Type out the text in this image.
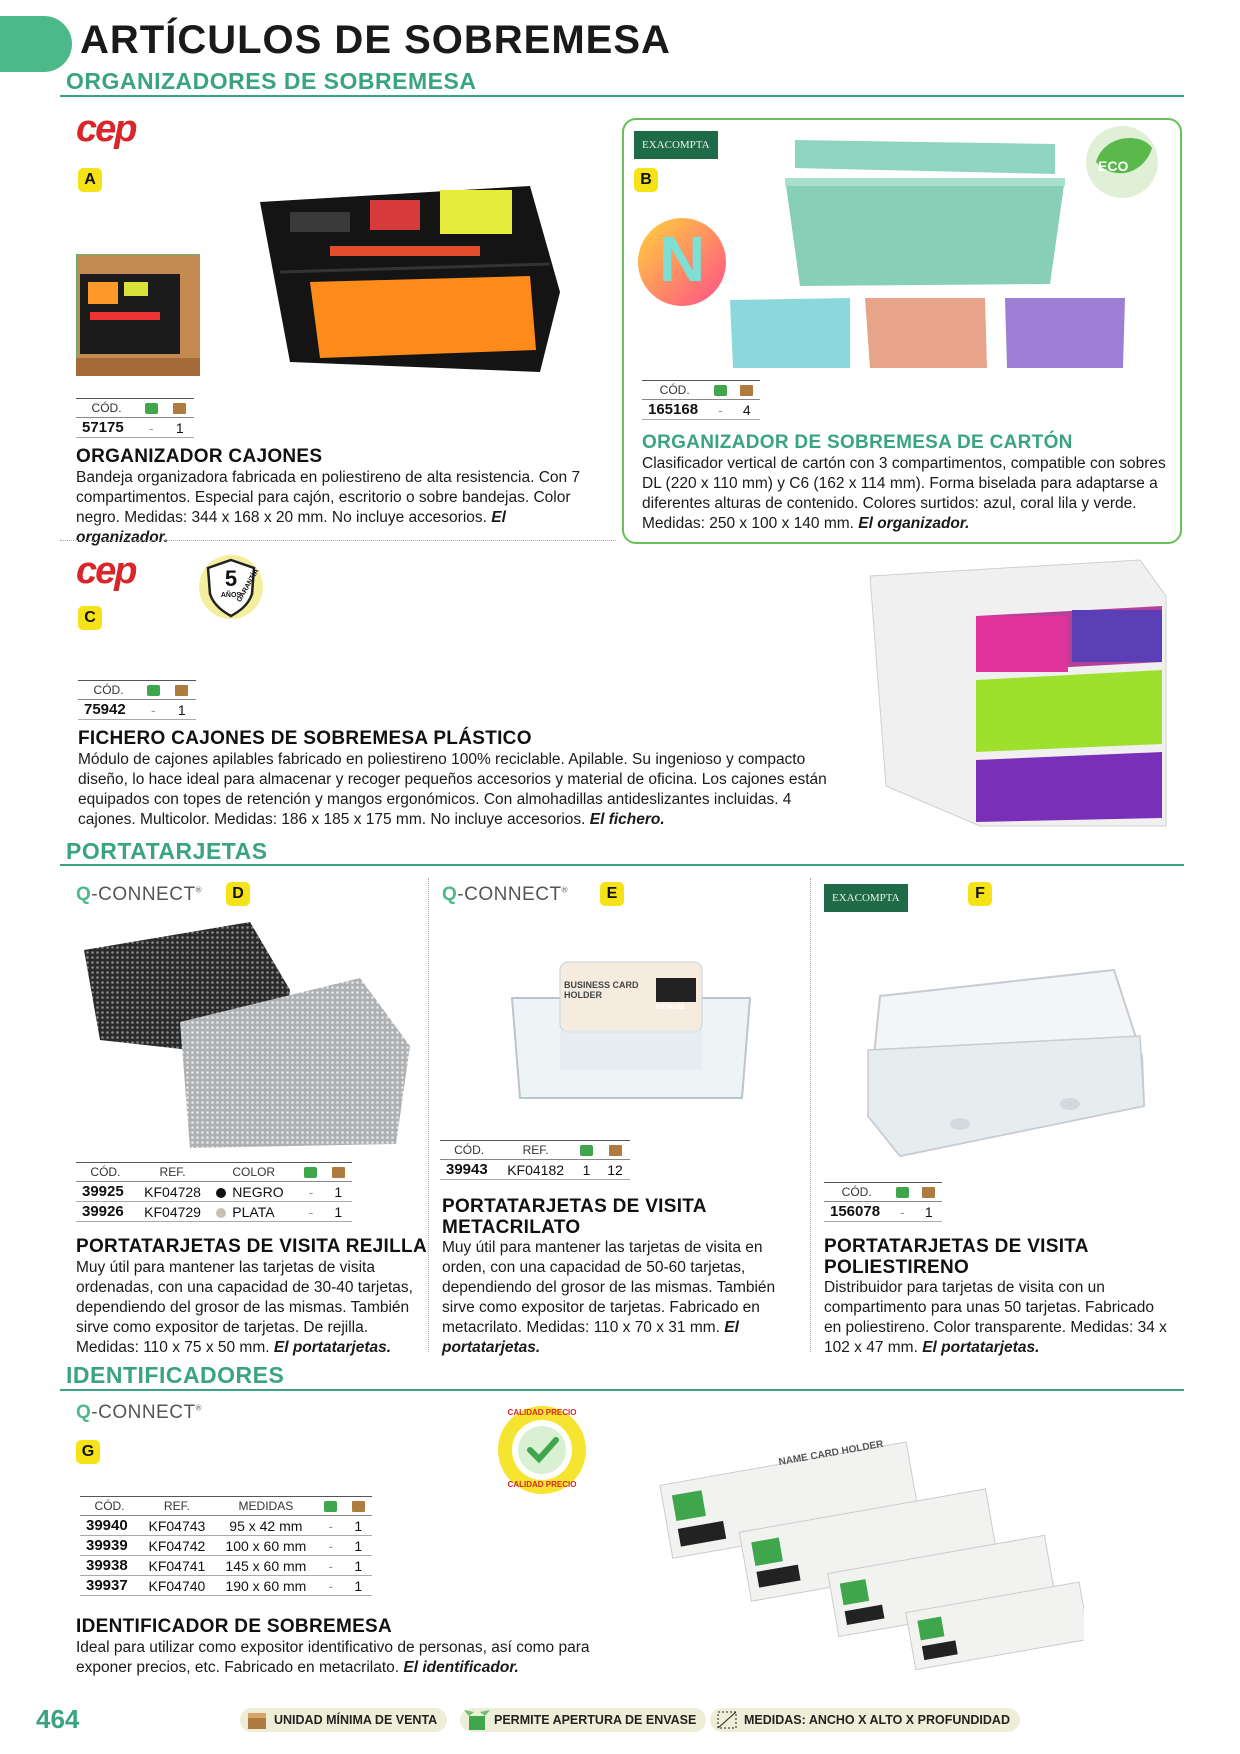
ARTÍCULOS DE SOBREMESA
ORGANIZADORES DE SOBREMESA
cep
A
CÓD.		
57175	-	1
ORGANIZADOR CAJONES
Bandeja organizadora fabricada en poliestireno de alta resistencia. Con 7 compartimentos. Especial para cajón, escritorio o sobre bandejas. Color negro. Medidas: 344 x 168 x 20 mm. No incluye accesorios. El organizador.
EXACOMPTA
B
N
ECO
CÓD.		
165168	-	4
ORGANIZADOR DE SOBREMESA DE CARTÓN
Clasificador vertical de cartón con 3 compartimentos, compatible con sobres DL (220 x 110 mm) y C6 (162 x 114 mm). Forma biselada para adaptarse a diferentes alturas de contenido. Colores surtidos: azul, coral lila y verde. Medidas: 250 x 100 x 140 mm. El organizador.
cep	5
AÑOS
GARANTÍA
C
CÓD.		
75942	-	1
FICHERO CAJONES DE SOBREMESA PLÁSTICO
Módulo de cajones apilables fabricado en poliestireno 100% reciclable. Apilable. Su ingenioso y compacto diseño, lo hace ideal para almacenar y recoger pequeños accesorios y material de oficina. Los cajones están equipados con topes de retención y mangos ergonómicos. Con almohadillas antideslizantes incluidas. 4 cajones. Multicolor. Medidas: 186 x 185 x 175 mm. No incluye accesorios. El fichero.
PORTATARJETAS
Q-CONNECT®	D
CÓD.	REF.	COLOR		
39925	KF04728	NEGRO	-	1
39926	KF04729	PLATA	-	1
PORTATARJETAS DE VISITA REJILLA
Muy útil para mantener las tarjetas de visita ordenadas, con una capacidad de 30-40 tarjetas, dependiendo del grosor de las mismas. También sirve como expositor de tarjetas. De rejilla. Medidas: 110 x 75 x 50 mm. El portatarjetas.
Q-CONNECT®	E
BUSINESS CARD HOLDER
KF04182
CÓD.	REF.		
39943	KF04182	1	12
PORTATARJETAS DE VISITA METACRILATO
Muy útil para mantener las tarjetas de visita en orden, con una capacidad de 50-60 tarjetas, dependiendo del grosor de las mismas. También sirve como expositor de tarjetas. Fabricado en metacrilato. Medidas: 110 x 70 x 31 mm. El portatarjetas.
EXACOMPTA	F
CÓD.		
156078	-	1
PORTATARJETAS DE VISITA POLIESTIRENO
Distribuidor para tarjetas de visita con un compartimento para unas 50 tarjetas. Fabricado en poliestireno. Color transparente. Medidas: 34 x 102 x 47 mm. El portatarjetas.
IDENTIFICADORES
Q-CONNECT®
G
CALIDAD PRECIO
CALIDAD PRECIO
CÓD.	REF.	MEDIDAS		
39940	KF04743	95 x 42 mm	-	1
39939	KF04742	100 x 60 mm	-	1
39938	KF04741	145 x 60 mm	-	1
39937	KF04740	190 x 60 mm	-	1
IDENTIFICADOR DE SOBREMESA
Ideal para utilizar como expositor identificativo de personas, así como para exponer precios, etc. Fabricado en metacrilato. El identificador.
NAME CARD HOLDER
464	UNIDAD MÍNIMA DE VENTA	PERMITE APERTURA DE ENVASE	MEDIDAS: ANCHO X ALTO X PROFUNDIDAD
